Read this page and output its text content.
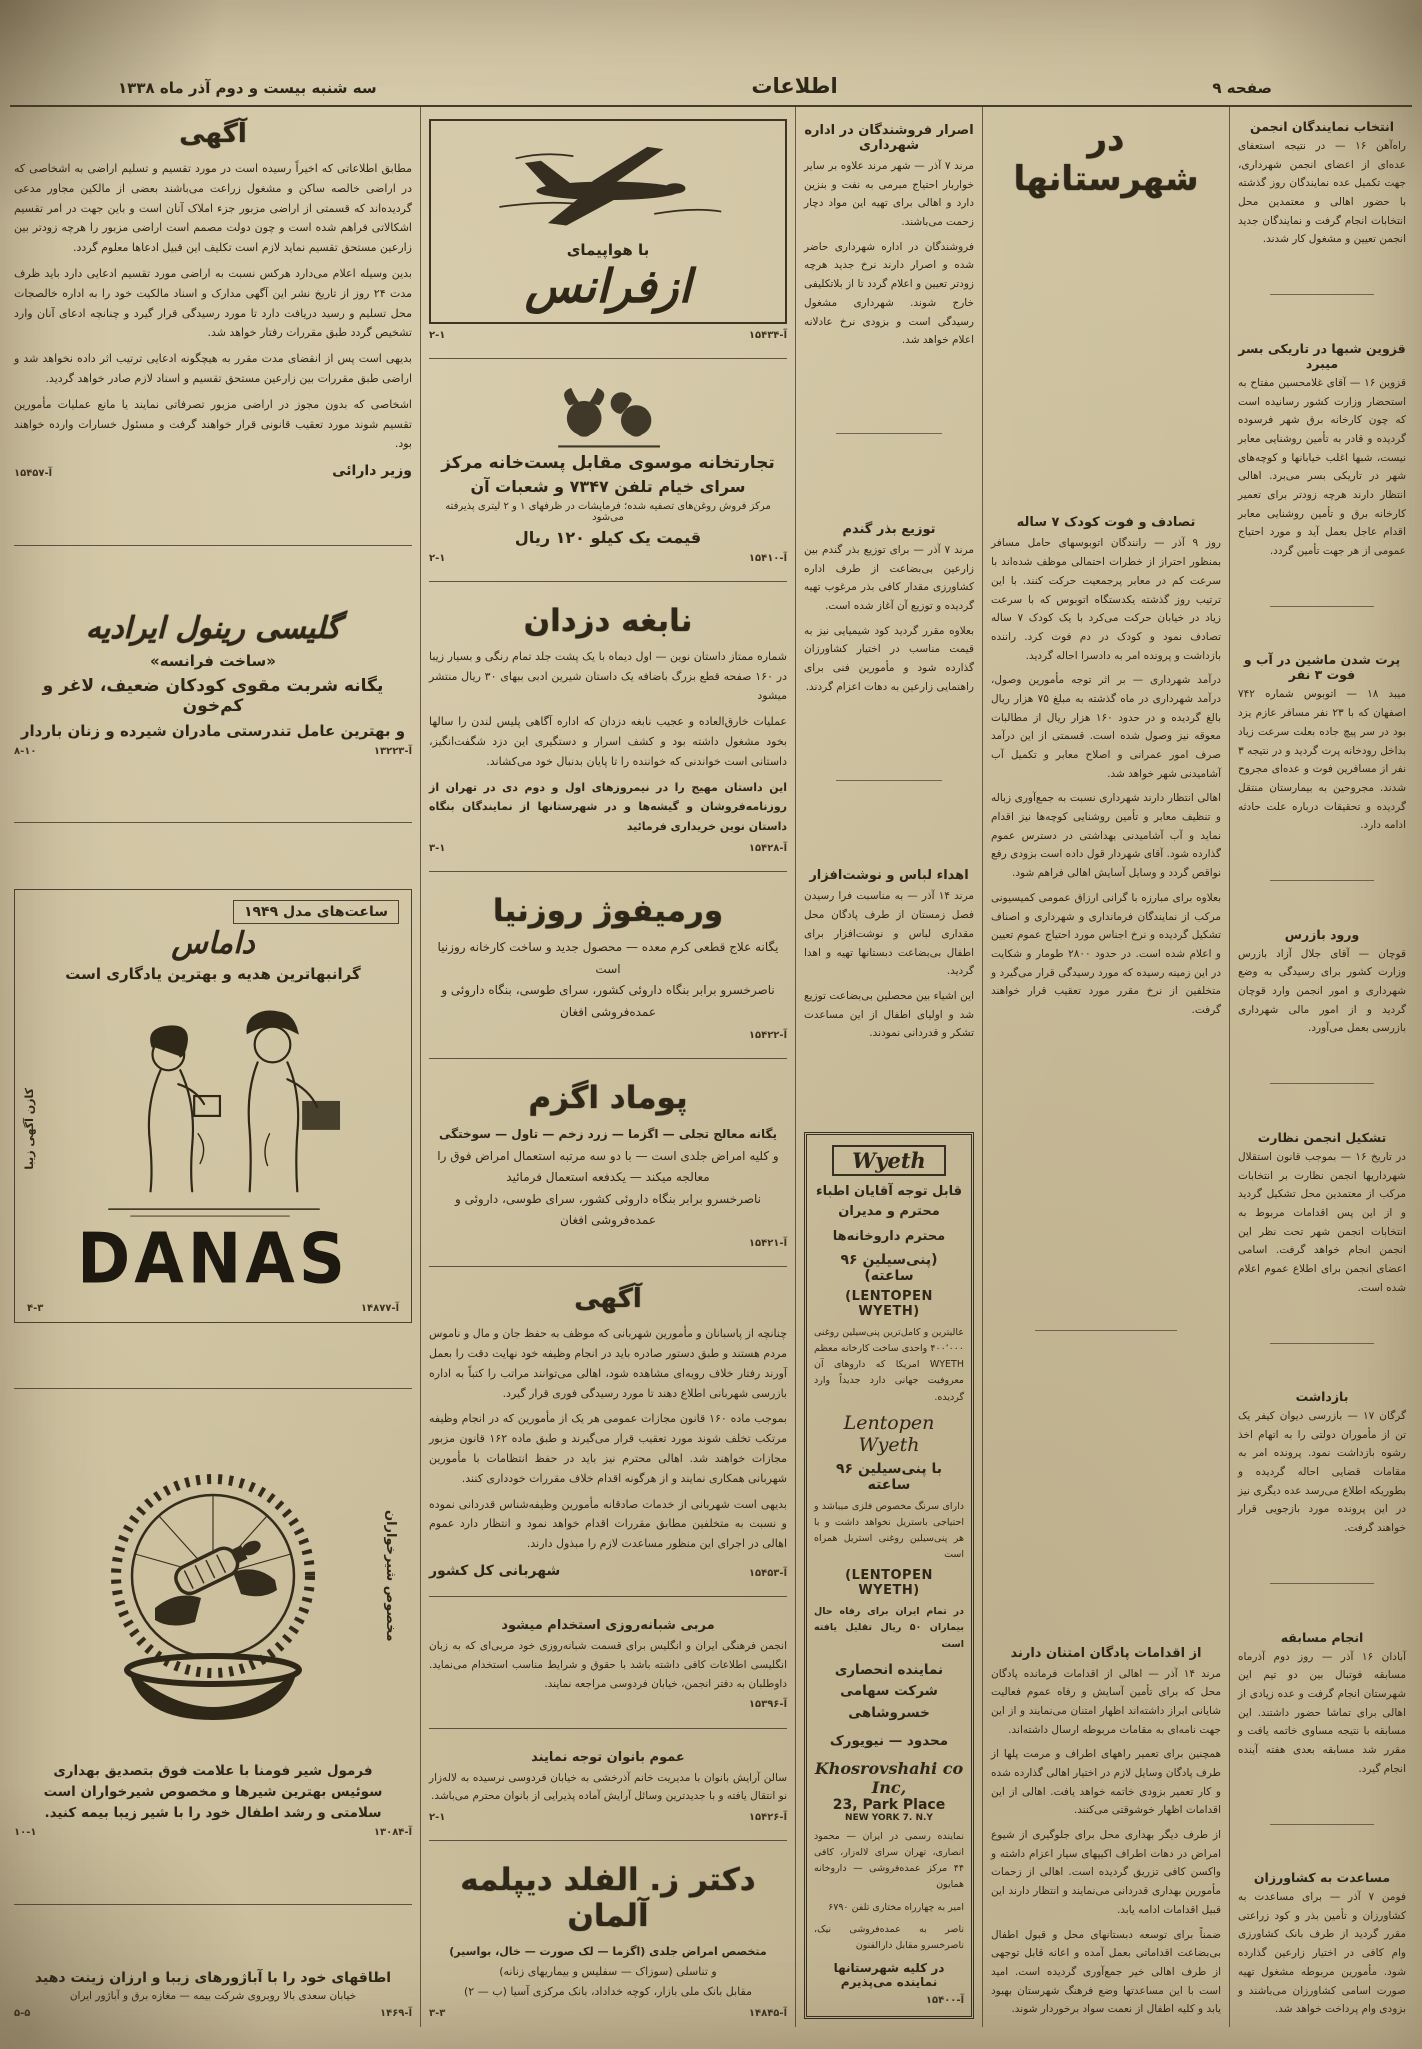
صفحه ۹
اطلاعات
سه شنبه بیست و دوم آذر ماه ۱۳۳۸
آگهی

مطابق اطلاعاتی که اخیراً رسیده است در مورد تقسیم و تسلیم اراضی به اشخاصی که در اراضی خالصه ساکن و مشغول زراعت می‌باشند بعضی از مالکین مجاور مدعی گردیده‌اند که قسمتی از اراضی مزبور جزء املاک آنان است و باین جهت در امر تقسیم اشکالاتی فراهم شده است و چون دولت مصمم است اراضی مزبور را هرچه زودتر بین زارعین مستحق تقسیم نماید لازم است تکلیف این قبیل ادعاها معلوم گردد.

بدین وسیله اعلام می‌دارد هرکس نسبت به اراضی مورد تقسیم ادعایی دارد باید ظرف مدت ۲۴ روز از تاریخ نشر این آگهی مدارک و اسناد مالکیت خود را به اداره خالصجات محل تسلیم و رسید دریافت دارد تا مورد رسیدگی قرار گیرد و چنانچه ادعای آنان وارد تشخیص گردد طبق مقررات رفتار خواهد شد.

بدیهی است پس از انقضای مدت مقرر به هیچگونه ادعایی ترتیب اثر داده نخواهد شد و اراضی طبق مقررات بین زارعین مستحق تقسیم و اسناد لازم صادر خواهد گردید.

اشخاصی که بدون مجوز در اراضی مزبور تصرفاتی نمایند یا مانع عملیات مأمورین تقسیم شوند مورد تعقیب قانونی قرار خواهند گرفت و مسئول خسارات وارده خواهند بود.

وزیر دارائی
آ-۱۵۴۵۷
گلیسی رینول ایرادیه
«ساخت فرانسه»
یگانه شربت مقوی کودکان ضعیف، لاغر و کم‌خون
و بهترین عامل تندرستی مادران شیرده و زنان باردار
آ-۱۳۲۲۳
۸-۱۰
ساعت‌های مدل ۱۹۴۹
داماس
گرانبهاترین هدیه و بهترین یادگاری است
DANAS
کازن آگهی زیبا
آ-۱۴۸۷۷
۴-۳
مخصوص شیرخواران
فرمول شیر فومنا با علامت فوق بتصدیق بهداری
سوئیس بهترین شیرها و مخصوص شیرخواران است
سلامتی و رشد اطفال خود را با شیر زیبا بیمه کنید.
آ-۱۳۰۸۴
۱۰-۱
اطاقهای خود را با آباژورهای زیبا و ارزان زینت دهید
خیابان سعدی بالا روبروی شرکت بیمه — مغازه برق و آباژور ایران
آ-۱۴۶۹
۵-۵
با هواپیمای
ازفرانس
آ-۱۵۴۳۴
۲-۱
تجارتخانه موسوی مقابل پست‌خانه مرکز
سرای خیام تلفن ۷۳۴۷ و شعبات آن
مرکز فروش روغن‌های تصفیه شده؛ فرمایشات در ظرفهای ۱ و ۲ لیتری پذیرفته می‌شود
قیمت یک کیلو ۱۲۰ ریال
آ-۱۵۴۱۰
۲-۱
نابغه دزدان

شماره ممتاز داستان نوین — اول دیماه با یک پشت جلد تمام رنگی و بسیار زیبا در ۱۶۰ صفحه قطع بزرگ باضافه یک داستان شیرین ادبی ببهای ۳۰ ریال منتشر میشود

عملیات خارق‌العاده و عجیب نابغه دزدان که اداره آگاهی پلیس لندن را سالها بخود مشغول داشته بود و کشف اسرار و دستگیری این دزد شگفت‌انگیز، داستانی است خواندنی که خواننده را تا پایان بدنبال خود می‌کشاند.

این داستان مهیج را در نیمروزهای اول و دوم دی در تهران از روزنامه‌فروشان و گیشه‌ها و در شهرستانها از نمایندگان بنگاه داستان نوین خریداری فرمائید

آ-۱۵۴۲۸
۳-۱
ورمیفوژ روزنیا
یگانه علاج قطعی کرم معده — محصول جدید و ساخت کارخانه روزنیا است
ناصرخسرو برابر بنگاه داروئی کشور، سرای طوسی، بنگاه داروئی و عمده‌فروشی افغان
آ-۱۵۴۲۲
پوماد اگزم
یگانه معالج تجلی — اگزما — زرد زخم — تاول — سوختگی
و کلیه امراض جلدی است — با دو سه مرتبه استعمال امراض فوق را معالجه میکند — یکدفعه استعمال فرمائید
ناصرخسرو برابر بنگاه داروئی کشور، سرای طوسی، داروئی و عمده‌فروشی افغان
آ-۱۵۴۲۱
آگهی

چنانچه از پاسبانان و مأمورین شهربانی که موظف به حفظ جان و مال و ناموس مردم هستند و طبق دستور صادره باید در انجام وظیفه خود نهایت دقت را بعمل آورند رفتار خلاف رویه‌ای مشاهده شود، اهالی می‌توانند مراتب را کتباً به اداره بازرسی شهربانی اطلاع دهند تا مورد رسیدگی فوری قرار گیرد.

بموجب ماده ۱۶۰ قانون مجازات عمومی هر یک از مأمورین که در انجام وظیفه مرتکب تخلف شوند مورد تعقیب قرار می‌گیرند و طبق ماده ۱۶۲ قانون مزبور مجازات خواهند شد. اهالی محترم نیز باید در حفظ انتظامات با مأمورین شهربانی همکاری نمایند و از هرگونه اقدام خلاف مقررات خودداری کنند.

بدیهی است شهربانی از خدمات صادقانه مأمورین وظیفه‌شناس قدردانی نموده و نسبت به متخلفین مطابق مقررات اقدام خواهد نمود و انتظار دارد عموم اهالی در اجرای این منظور مساعدت لازم را مبذول دارند.

آ-۱۵۴۵۳
شهربانی کل کشور
مربی شبانه‌روزی استخدام میشود

انجمن فرهنگی ایران و انگلیس برای قسمت شبانه‌روزی خود مربی‌ای که به زبان انگلیسی اطلاعات کافی داشته باشد با حقوق و شرایط مناسب استخدام می‌نماید. داوطلبان به دفتر انجمن، خیابان فردوسی مراجعه نمایند.

آ-۱۵۳۹۶
عموم بانوان توجه نمایند

سالن آرایش بانوان با مدیریت خانم آذرخشی به خیابان فردوسی نرسیده به لاله‌زار نو انتقال یافته و با جدیدترین وسائل آرایش آماده پذیرایی از بانوان محترم می‌باشد.

آ-۱۵۴۲۶
۲-۱
دکتر ز. الفلد دیپلمه آلمان
متخصص امراض جلدی (اگزما — لک صورت — خال، بواسیر)
و تناسلی (سوزاک — سفلیس و بیماریهای زنانه)
مقابل بانک ملی بازار، کوچه خداداد، بانک مرکزی آسیا (ب — ۲)
آ-۱۴۸۴۵
۳-۳
اصرار فروشندگان در اداره شهرداری

مرند ۷ آذر — شهر مرند علاوه بر سایر خواربار احتیاج مبرمی به نفت و بنزین دارد و اهالی برای تهیه این مواد دچار زحمت می‌باشند.

فروشندگان در اداره شهرداری حاضر شده و اصرار دارند نرخ جدید هرچه زودتر تعیین و اعلام گردد تا از بلاتکلیفی خارج شوند. شهرداری مشغول رسیدگی است و بزودی نرخ عادلانه اعلام خواهد شد.

توزیع بذر گندم

مرند ۷ آذر — برای توزیع بذر گندم بین زارعین بی‌بضاعت از طرف اداره کشاورزی مقدار کافی بذر مرغوب تهیه گردیده و توزیع آن آغاز شده است.

بعلاوه مقرر گردید کود شیمیایی نیز به قیمت مناسب در اختیار کشاورزان گذارده شود و مأمورین فنی برای راهنمایی زارعین به دهات اعزام گردند.

اهداء لباس و نوشت‌افزار

مرند ۱۴ آذر — به مناسبت فرا رسیدن فصل زمستان از طرف پادگان محل مقداری لباس و نوشت‌افزار برای اطفال بی‌بضاعت دبستانها تهیه و اهدا گردید.

این اشیاء بین محصلین بی‌بضاعت توزیع شد و اولیای اطفال از این مساعدت تشکر و قدردانی نمودند.

Wyeth
قابل توجه آقایان اطباء محترم و مدیران
محترم داروخانه‌ها
(پنی‌سیلین ۹۶ ساعته)
(LENTOPEN WYETH)
عالیترین و کامل‌ترین پنی‌سیلین روغنی ۴۰۰٬۰۰۰ واحدی ساخت کارخانه معظم WYETH امریکا که داروهای آن معروفیت جهانی دارد جدیداً وارد گردیده.
Lentopen Wyeth
با پنی‌سیلین ۹۶ ساعته
دارای سرنگ مخصوص فلزی میباشد و احتیاجی باستریل نخواهد داشت و با هر پنی‌سیلین روغنی استریل همراه است
(LENTOPEN WYETH)
در تمام ایران برای رفاه حال بیماران ۵۰ ریال تقلیل یافته است
نماینده انحصاری شرکت سهامی خسروشاهی
محدود — نیویورک
Khosrovshahi co Inc,
23, Park Place
NEW YORK 7. N.Y
نماینده رسمی در ایران — محمود انصاری، تهران سرای لاله‌زار، کافی ۴۴ مرکز عمده‌فروشی — داروخانه همایون
امیر به چهارراه مختاری تلفن ۶۷۹۰
ناصر به عمده‌فروشی نیک، ناصرخسرو مقابل دارالفنون
در کلیه شهرستانها نماینده می‌پذیرم
آ-۱۵۴۰۰
در شهرستانها
تصادف و فوت کودک ۷ ساله

روز ۹ آذر — رانندگان اتوبوسهای حامل مسافر بمنظور احتراز از خطرات احتمالی موظف شده‌اند با سرعت کم در معابر پرجمعیت حرکت کنند. با این ترتیب روز گذشته یکدستگاه اتوبوس که با سرعت زیاد در خیابان حرکت می‌کرد با یک کودک ۷ ساله تصادف نمود و کودک در دم فوت کرد. راننده بازداشت و پرونده امر به دادسرا احاله گردید.

درآمد شهرداری — بر اثر توجه مأمورین وصول، درآمد شهرداری در ماه گذشته به مبلغ ۷۵ هزار ریال بالغ گردیده و در حدود ۱۶۰ هزار ریال از مطالبات معوقه نیز وصول شده است. قسمتی از این درآمد صرف امور عمرانی و اصلاح معابر و تکمیل آب آشامیدنی شهر خواهد شد.

اهالی انتظار دارند شهرداری نسبت به جمع‌آوری زباله و تنظیف معابر و تأمین روشنایی کوچه‌ها نیز اقدام نماید و آب آشامیدنی بهداشتی در دسترس عموم گذارده شود. آقای شهردار قول داده است بزودی رفع نواقص گردد و وسایل آسایش اهالی فراهم شود.

بعلاوه برای مبارزه با گرانی ارزاق عمومی کمیسیونی مرکب از نمایندگان فرمانداری و شهرداری و اصناف تشکیل گردیده و نرخ اجناس مورد احتیاج عموم تعیین و اعلام شده است. در حدود ۲۸۰۰ طومار و شکایت در این زمینه رسیده که مورد رسیدگی قرار می‌گیرد و متخلفین از نرخ مقرر مورد تعقیب قرار خواهند گرفت.

از اقدامات پادگان امتنان دارند

مرند ۱۴ آذر — اهالی از اقدامات فرمانده پادگان محل که برای تأمین آسایش و رفاه عموم فعالیت شایانی ابراز داشته‌اند اظهار امتنان می‌نمایند و از این جهت نامه‌ای به مقامات مربوطه ارسال داشته‌اند.

همچنین برای تعمیر راههای اطراف و مرمت پلها از طرف پادگان وسایل لازم در اختیار اهالی گذارده شده و کار تعمیر بزودی خاتمه خواهد یافت. اهالی از این اقدامات اظهار خوشوقتی می‌کنند.

از طرف دیگر بهداری محل برای جلوگیری از شیوع امراض در دهات اطراف اکیپهای سیار اعزام داشته و واکسن کافی تزریق گردیده است. اهالی از زحمات مأمورین بهداری قدردانی می‌نمایند و انتظار دارند این قبیل اقدامات ادامه یابد.

ضمناً برای توسعه دبستانهای محل و قبول اطفال بی‌بضاعت اقداماتی بعمل آمده و اعانه قابل توجهی از طرف اهالی خیر جمع‌آوری گردیده است. امید است با این مساعدتها وضع فرهنگ شهرستان بهبود یابد و کلیه اطفال از نعمت سواد برخوردار شوند.

انتخاب نمایندگان انجمن

راه‌آهن ۱۶ — در نتیجه استعفای عده‌ای از اعضای انجمن شهرداری، جهت تکمیل عده نمایندگان روز گذشته با حضور اهالی و معتمدین محل انتخابات انجام گرفت و نمایندگان جدید انجمن تعیین و مشغول کار شدند.

قزوین شبها در تاریکی بسر میبرد

قزوین ۱۶ — آقای غلامحسین مفتاح به استحضار وزارت کشور رسانیده است که چون کارخانه برق شهر فرسوده گردیده و قادر به تأمین روشنایی معابر نیست، شبها اغلب خیابانها و کوچه‌های شهر در تاریکی بسر می‌برد. اهالی انتظار دارند هرچه زودتر برای تعمیر کارخانه برق و تأمین روشنایی معابر اقدام عاجل بعمل آید و مورد احتیاج عمومی از هر جهت تأمین گردد.

پرت شدن ماشین در آب و فوت ۳ نفر

میبد ۱۸ — اتوبوس شماره ۷۴۲ اصفهان که با ۲۳ نفر مسافر عازم یزد بود در سر پیچ جاده بعلت سرعت زیاد بداخل رودخانه پرت گردید و در نتیجه ۳ نفر از مسافرین فوت و عده‌ای مجروح شدند. مجروحین به بیمارستان منتقل گردیده و تحقیقات درباره علت حادثه ادامه دارد.

ورود بازرس

قوچان — آقای جلال آزاد بازرس وزارت کشور برای رسیدگی به وضع شهرداری و امور انجمن وارد قوچان گردید و از امور مالی شهرداری بازرسی بعمل می‌آورد.

تشکیل انجمن نظارت

در تاریخ ۱۶ — بموجب قانون استقلال شهرداریها انجمن نظارت بر انتخابات مرکب از معتمدین محل تشکیل گردید و از این پس اقدامات مربوط به انتخابات انجمن شهر تحت نظر این انجمن انجام خواهد گرفت. اسامی اعضای انجمن برای اطلاع عموم اعلام شده است.

بازداشت

گرگان ۱۷ — بازرسی دیوان کیفر یک تن از مأموران دولتی را به اتهام اخذ رشوه بازداشت نمود. پرونده امر به مقامات قضایی احاله گردیده و بطوریکه اطلاع می‌رسد عده دیگری نیز در این پرونده مورد بازجویی قرار خواهند گرفت.

انجام مسابقه

آبادان ۱۶ آذر — روز دوم آذرماه مسابقه فوتبال بین دو تیم این شهرستان انجام گرفت و عده زیادی از اهالی برای تماشا حضور داشتند. این مسابقه با نتیجه مساوی خاتمه یافت و مقرر شد مسابقه بعدی هفته آینده انجام گیرد.

مساعدت به کشاورزان

فومن ۷ آذر — برای مساعدت به کشاورزان و تأمین بذر و کود زراعتی مقرر گردید از طرف بانک کشاورزی وام کافی در اختیار زارعین گذارده شود. مأمورین مربوطه مشغول تهیه صورت اسامی کشاورزان می‌باشند و بزودی وام پرداخت خواهد شد.
